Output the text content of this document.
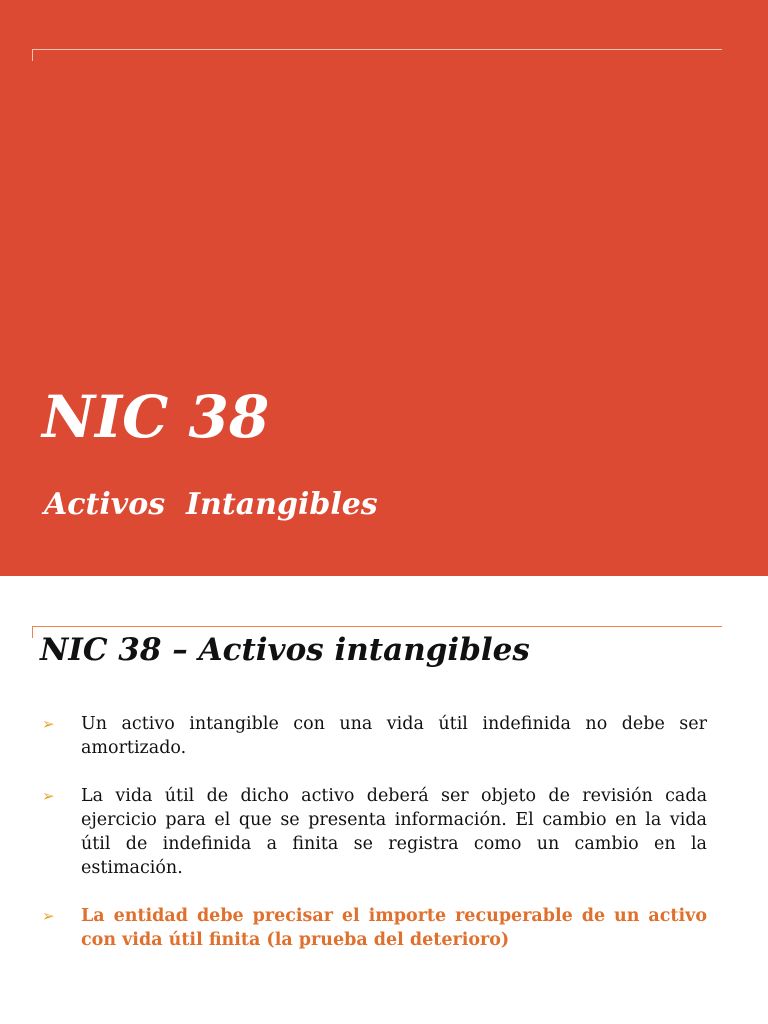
NIC 38
Activos  Intangibles
NIC 38 – Activos intangibles
➢ Un activo intangible con una vida útil indefinida no debe ser amortizado.
➢ La vida útil de dicho activo deberá ser objeto de revisión cada ejercicio para el que se presenta información. El cambio en la vida útil de indefinida a finita se registra como un cambio en la estimación.
➢ La entidad debe precisar el importe recuperable de un activo con vida útil finita (la prueba del deterioro)
